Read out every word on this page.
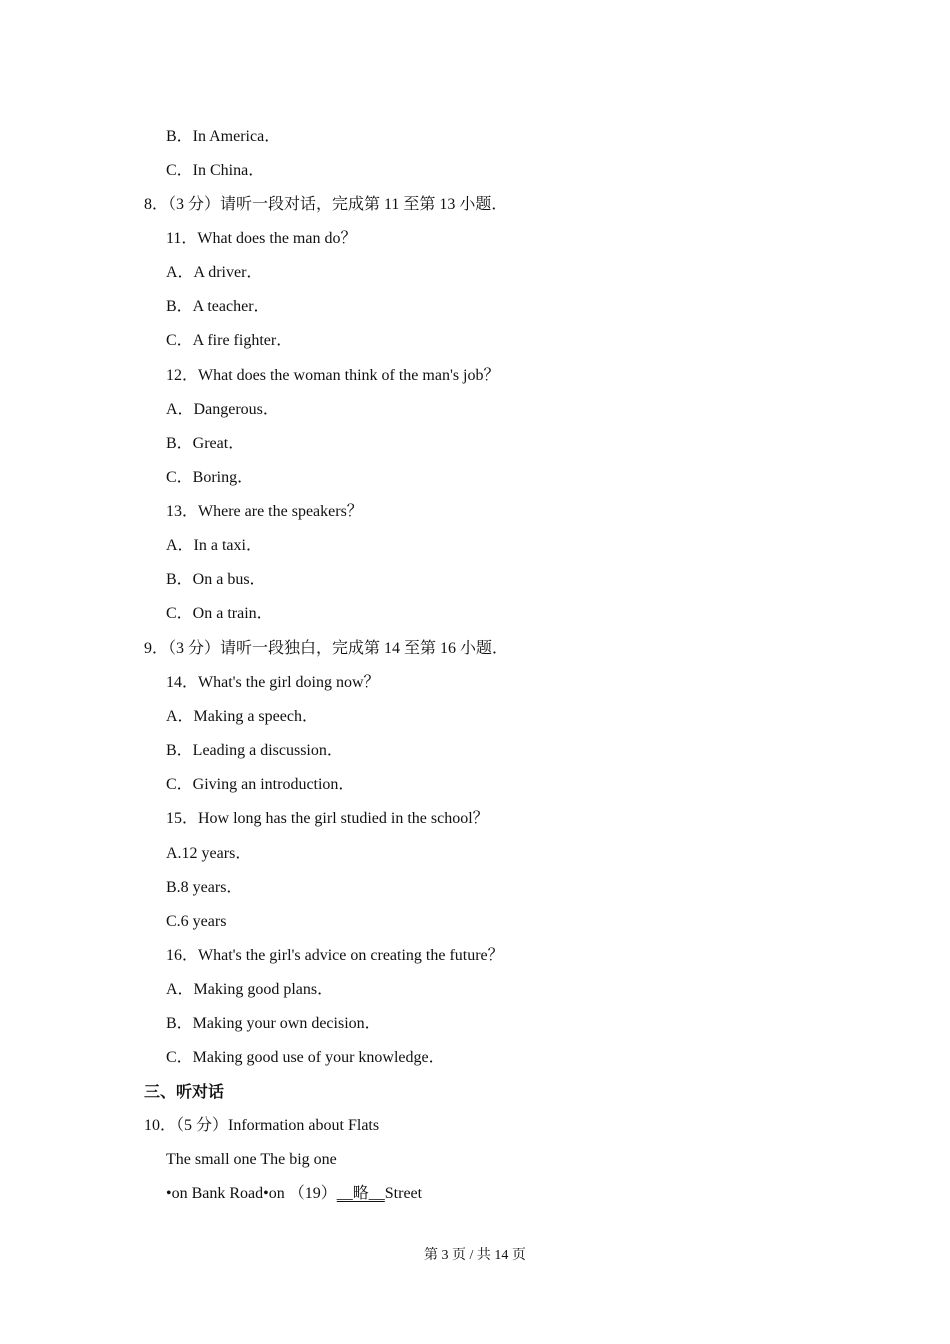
B．In America．
C．In China．
8．（3 分）请听一段对话，完成第 11 至第 13 小题．
11．What does the man do？
A．A driver．
B．A teacher．
C．A fire fighter．
12．What does the woman think of the man's job？
A．Dangerous．
B．Great．
C．Boring．
13．Where are the speakers？
A．In a taxi．
B．On a bus．
C．On a train．
9．（3 分）请听一段独白，完成第 14 至第 16 小题．
14．What's the girl doing now？
A．Making a speech．
B．Leading a discussion．
C．Giving an introduction．
15．How long has the girl studied in the school？
A.12 years．
B.8 years．
C.6 years
16．What's the girl's advice on creating the future？
A．Making good plans．
B．Making your own decision．
C．Making good use of your knowledge．
三、听对话
10．（5 分）Information about Flats
The small one The big one
•on Bank Road•on （19）__略__Street
第 3 页 / 共 14 页
